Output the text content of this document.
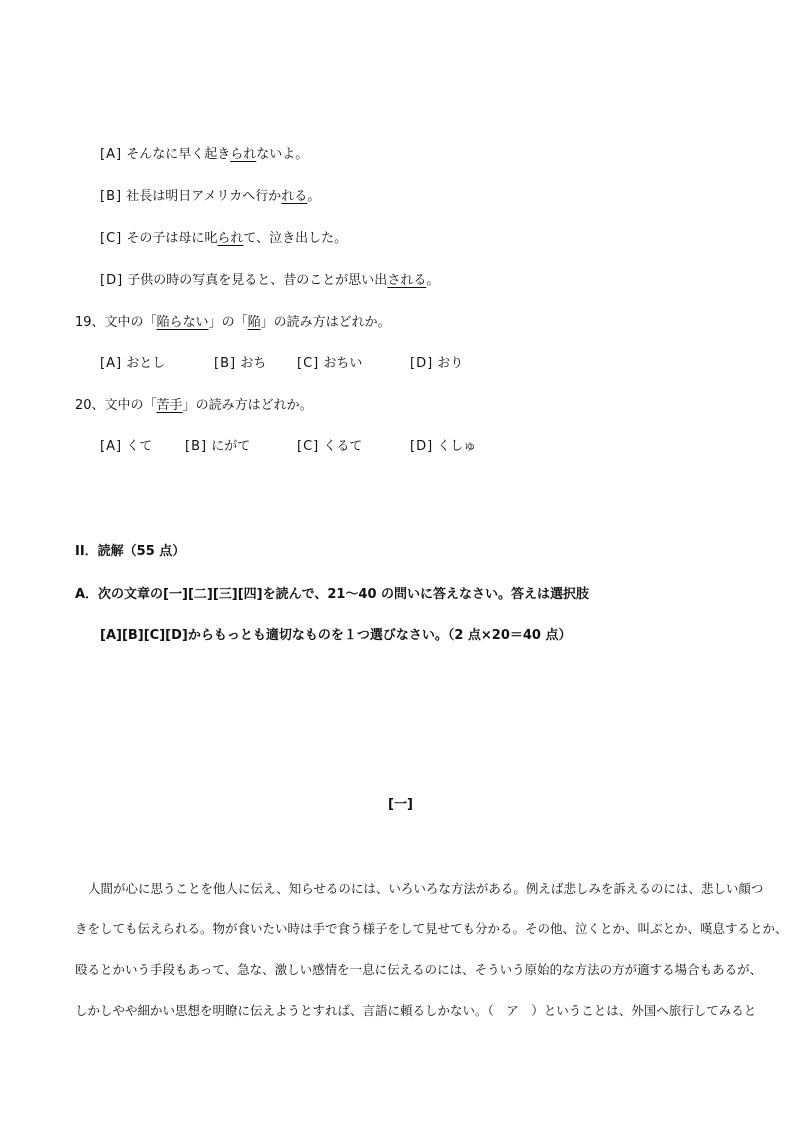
[A] そんなに早く起きられないよ。
[B] 社長は明日アメリカへ行かれる。
[C] その子は母に叱られて、泣き出した。
[D] 子供の時の写真を見ると、昔のことが思い出される。
19、文中の「陥らない」の「陥」の読み方はどれか。
[A] おとし	[B] おち [C] おちい	[D] おり
20、文中の「苦手」の読み方はどれか。
[A] くて	[B] にがて	[C] くるて	[D] くしゅ
II．読解（55 点）
A．次の文章の[一][二][三][四]を読んで、21～40 の問いに答えなさい。答えは選択肢
[A][B][C][D]からもっとも適切なものを１つ選びなさい。（2 点×20＝40 点）
[一]
人間が心に思うことを他人に伝え、知らせるのには、いろいろな方法がある。例えば悲しみを訴えるのには、悲しい顔つ
きをしても伝えられる。物が食いたい時は手で食う様子をして見せても分かる。その他、泣くとか、叫ぶとか、嘆息するとか、
殴るとかいう手段もあって、急な、激しい感情を一息に伝えるのには、そういう原始的な方法の方が適する場合もあるが、
しかしやや細かい思想を明瞭に伝えようとすれば、言語に頼るしかない。（　ア　）ということは、外国へ旅行してみると
